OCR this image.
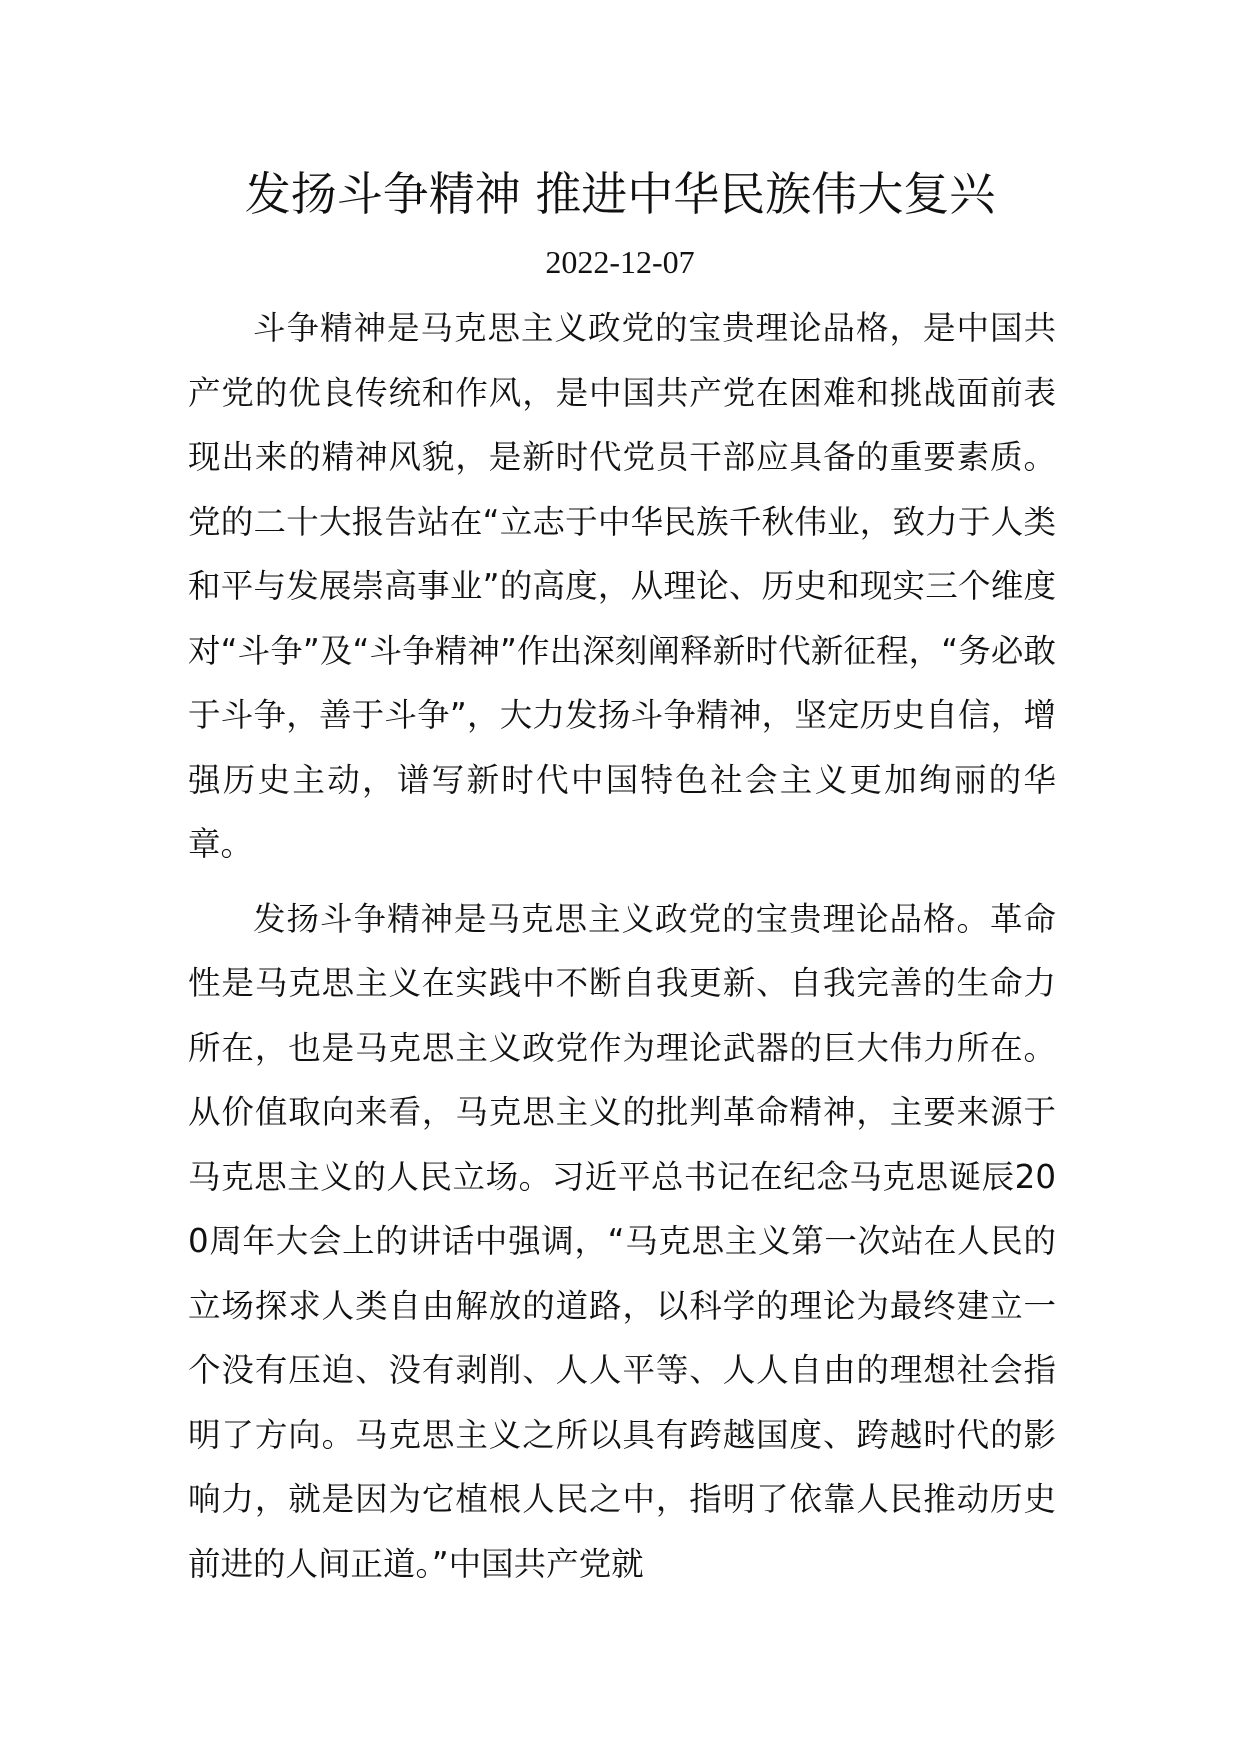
发扬斗争精神 推进中华民族伟大复兴
2022-12-07

斗争精神是马克思主义政党的宝贵理论品格，是中国共产党的优良传统和作风，是中国共产党在困难和挑战面前表现出来的精神风貌，是新时代党员干部应具备的重要素质。党的二十大报告站在“立志于中华民族千秋伟业，致力于人类和平与发展崇高事业”的高度，从理论、历史和现实三个维度对“斗争”及“斗争精神”作出深刻阐释新时代新征程，“务必敢于斗争，善于斗争”，大力发扬斗争精神，坚定历史自信，增强历史主动，谱写新时代中国特色社会主义更加绚丽的华章。

发扬斗争精神是马克思主义政党的宝贵理论品格。革命性是马克思主义在实践中不断自我更新、自我完善的生命力所在，也是马克思主义政党作为理论武器的巨大伟力所在。从价值取向来看，马克思主义的批判革命精神，主要来源于马克思主义的人民立场。习近平总书记在纪念马克思诞辰200周年大会上的讲话中强调，“马克思主义第一次站在人民的立场探求人类自由解放的道路，以科学的理论为最终建立一个没有压迫、没有剥削、人人平等、人人自由的理想社会指明了方向。马克思主义之所以具有跨越国度、跨越时代的影响力，就是因为它植根人民之中，指明了依靠人民推动历史前进的人间正道。”中国共产党就
